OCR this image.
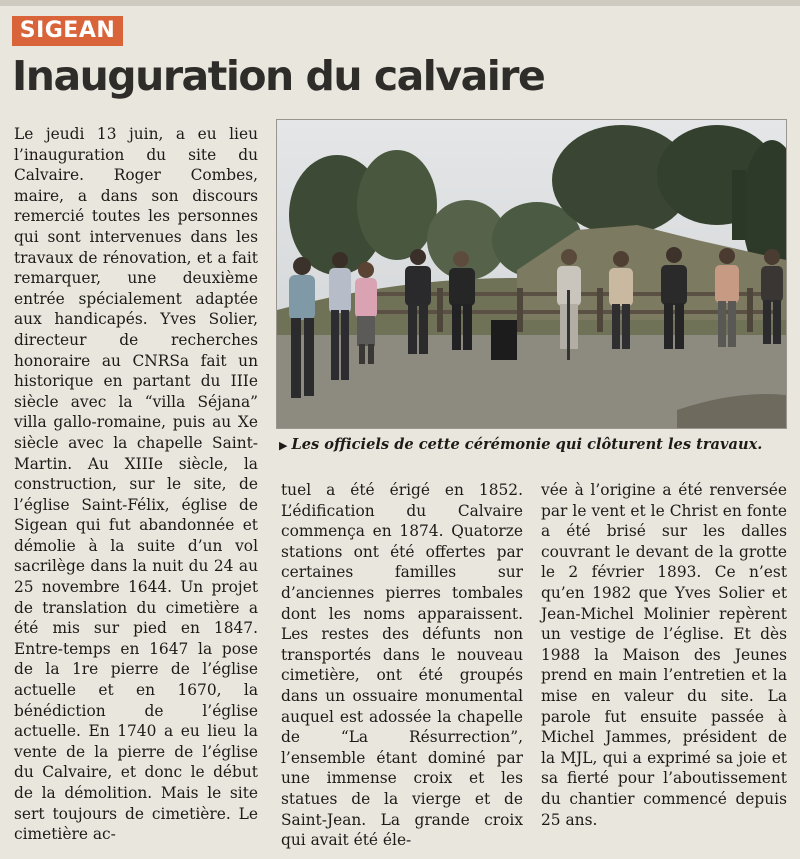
SIGEAN
Inauguration du calvaire

Le jeudi 13 juin, a eu lieu l’inauguration du site du Calvaire. Roger Combes, maire, a dans son discours remercié toutes les personnes qui sont intervenues dans les travaux de rénovation, et a fait remarquer, une deuxième entrée spécialement adaptée aux handicapés. Yves Solier, directeur de recherches honoraire au CNRSa fait un historique en partant du IIIe siècle avec la “villa Séjana” villa gallo-romaine, puis au Xe siècle avec la chapelle Saint-Martin. Au XIIIe siècle, la construction, sur le site, de l’église Saint-Félix, église de Sigean qui fut abandonnée et démolie à la suite d’un vol sacrilège dans la nuit du 24 au 25 novembre 1644. Un projet de translation du cimetière a été mis sur pied en 1847. Entre-temps en 1647 la pose de la 1re pierre de l’église actuelle et en 1670, la bénédiction de l’église actuelle. En 1740 a eu lieu la vente de la pierre de l’église du Calvaire, et donc le début de la démolition. Mais le site sert toujours de cimetière. Le cimetière ac-

▶ Les officiels de cette cérémonie qui clôturent les travaux.

tuel a été érigé en 1852. L’édification du Calvaire commença en 1874. Quatorze stations ont été offertes par certaines familles sur d’anciennes pierres tombales dont les noms apparaissent. Les restes des défunts non transportés dans le nouveau cimetière, ont été groupés dans un ossuaire monumental auquel est adossée la chapelle de “La Résurrection”, l’ensemble étant dominé par une immense croix et les statues de la vierge et de Saint-Jean. La grande croix qui avait été éle-

vée à l’origine a été renversée par le vent et le Christ en fonte a été brisé sur les dalles couvrant le devant de la grotte le 2 février 1893. Ce n’est qu’en 1982 que Yves Solier et Jean-Michel Molinier repèrent un vestige de l’église. Et dès 1988 la Maison des Jeunes prend en main l’entretien et la mise en valeur du site. La parole fut ensuite passée à Michel Jammes, président de la MJL, qui a exprimé sa joie et sa fierté pour l’aboutissement du chantier commencé depuis 25 ans.
